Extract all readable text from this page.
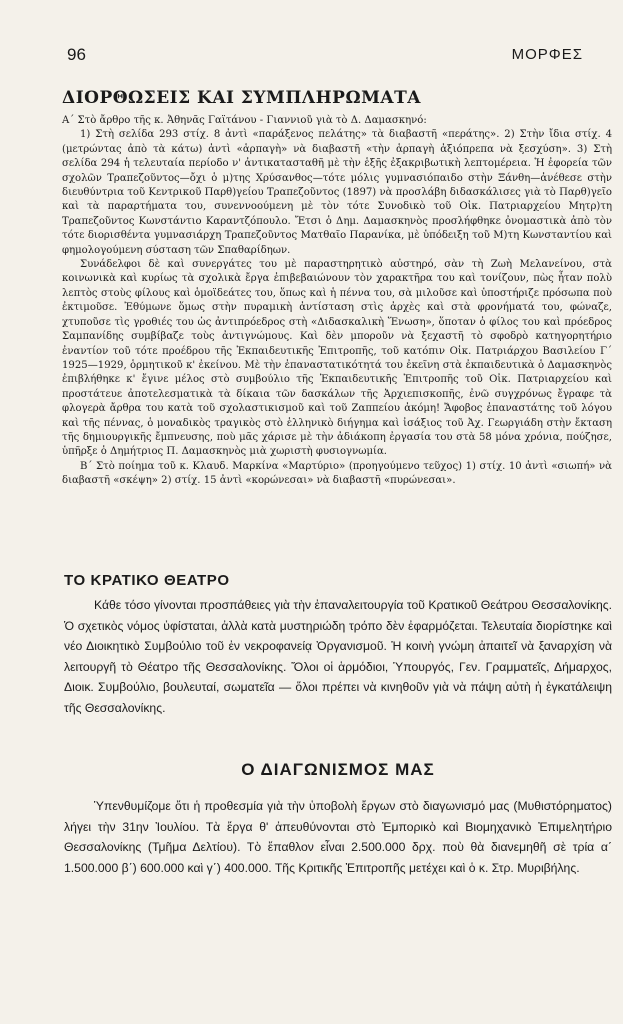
96	ΜΟΡΦΕΣ
ΔΙΟΡΘΩΣΕΙΣ ΚΑΙ ΣΥΜΠΛΗΡΩΜΑΤΑ

Α΄ Στὸ ἄρθρο τῆς κ. Ἀθηνᾶς Γαϊτάνου - Γιαννιοῦ γιὰ τὸ Δ. Δαμασκηνό:

1) Στὴ σελίδα 293 στίχ. 8 ἀντὶ «παράξενος πελάτης» τὰ διαβαστῆ «περάτης». 2) Στὴν ἴδια στίχ. 4 (μετρώντας ἀπὸ τὰ κάτω) ἀντὶ «ἁρπαγὴ» νὰ διαβαστῆ «τὴν ἁρπαγὴ ἀξιόπρεπα νὰ ξεσχύση». 3) Στὴ σελίδα 294 ἡ τελευταία περίοδο ν' ἀντικατασταθῆ μὲ τὴν ἑξῆς ἐξακριβωτικὴ λεπτομέρεια. Ἡ ἐφορεία τῶν σχολῶν Τραπεζοῦντος—ὄχι ὁ μ)της Χρύσανθος—τότε μόλις γυμνασιόπαιδο στὴν Ξάνθη—ἀνέθεσε στὴν διευθύντρια τοῦ Κεντρικοῦ Παρθ)γείου Τραπεζοῦντος (1897) νὰ προσλάβη διδασκάλισες γιὰ τὸ Παρθ)γεῖο καὶ τὰ παραρτήματα του, συνεννοούμενη μὲ τὸν τότε Συνοδικὸ τοῦ Οἰκ. Πατριαρχείου Μητρ)τη Τραπεζοῦντος Κωνστάντιο Καραντζόπουλο. Ἔτσι ὁ Δημ. Δαμασκηνὸς προσλήφθηκε ὀνομαστικὰ ἀπὸ τὸν τότε διορισθέντα γυμνασιάρχη Τραπεζοῦντος Ματθαῖο Παρανίκα, μὲ ὑπόδειξη τοῦ Μ)τη Κωνσταντίου καὶ φημολογούμενη σύσταση τῶν Σπαθαρίδηων.

Συνάδελφοι δὲ καὶ συνεργάτες του μὲ παραστηρητικὸ αὐστηρό, σὰν τὴ Ζωὴ Μελανείνου, στὰ κοινωνικὰ καὶ κυρίως τὰ σχολικὰ ἔργα ἐπιβεβαιώνουν τὸν χαρακτῆρα του καὶ τονίζουν, πὼς ἦταν πολὺ λεπτὸς στοὺς φίλους καὶ ὁμοϊδεάτες του, ὅπως καὶ ἡ πέννα του, σὰ μιλοῦσε καὶ ὑποστήριζε πρόσωπα ποὺ ἐκτιμοῦσε. Ἐθύμωνε ὅμως στὴν πυραμικὴ ἀντίσταση στὶς ἀρχὲς καὶ στὰ φρονήματά του, φώναζε, χτυποῦσε τὶς γροθιές του ὡς ἀντιπρόεδρος στὴ «Διδασκαλικὴ Ἕνωση», ὅποταν ὁ φίλος του καὶ πρόεδρος Σαμπανίδης συμβίβαζε τοὺς ἀντιγνώμους. Καὶ δὲν μποροῦν νὰ ξεχαστῆ τὸ σφοδρὸ κατηγορητήριο ἐναντίον τοῦ τότε προέδρου τῆς Ἐκπαιδευτικῆς Ἐπιτροπῆς, τοῦ κατόπιν Οἰκ. Πατριάρχου Βασιλείου Γ΄ 1925—1929, ὁρμητικοῦ κ' ἐκείνου. Μὲ τὴν ἐπαναστατικότητά του ἐκεῖνη στὰ ἐκπαιδευτικὰ ὁ Δαμασκηνὸς ἐπιβλήθηκε κ' ἔγινε μέλος στὸ συμβούλιο τῆς Ἐκπαιδευτικῆς Ἐπιτροπῆς τοῦ Οἰκ. Πατριαρχείου καὶ προστάτευε ἀποτελεσματικὰ τὰ δίκαια τῶν δασκάλων τῆς Ἀρχιεπισκοπῆς, ἐνῶ συγχρόνως ἔγραφε τὰ φλογερὰ ἄρθρα του κατὰ τοῦ σχολαστικισμοῦ καὶ τοῦ Ζαππείου ἀκόμη! Ἄφοβος ἐπαναστάτης τοῦ λόγου καὶ τῆς πέννας, ὁ μοναδικὸς τραγικὸς στὸ ἑλληνικὸ διήγημα καὶ ἰσάξιος τοῦ Ἀχ. Γεωργιάδη στὴν ἔκταση τῆς δημιουργικῆς ἔμπνευσης, ποὺ μᾶς χάρισε μὲ τὴν ἀδιάκοπη ἐργασία του στὰ 58 μόνα χρόνια, πούζησε, ὑπῆρξε ὁ Δημήτριος Π. Δαμασκηνὸς μιὰ χωριστὴ φυσιογνωμία.

Β΄ Στὸ ποίημα τοῦ κ. Κλαυδ. Μαρκίνα «Μαρτύριο» (προηγούμενο τεῦχος) 1) στίχ. 10 ἀντὶ «σιωπή» νὰ διαβαστῆ «σκέψη» 2) στίχ. 15 ἀντὶ «κορώνεσαι» νὰ διαβαστῆ «πυρώνεσαι».

ΤΟ ΚΡΑΤΙΚΟ ΘΕΑΤΡΟ

Κάθε τόσο γίνονται προσπάθειες γιὰ τὴν ἐπαναλειτουργία τοῦ Κρατικοῦ Θεάτρου Θεσσαλονίκης. Ὁ σχετικὸς νόμος ὑφίσταται, ἀλλὰ κατὰ μυστηριώδη τρόπο δὲν ἐφαρμόζεται. Τελευταία διορίστηκε καὶ νέο Διοικητικὸ Συμβούλιο τοῦ ἐν νεκροφανείᾳ Ὀργανισμοῦ. Ἡ κοινὴ γνώμη ἀπαιτεῖ νὰ ξαναρχίση νὰ λειτουργῆ τὸ Θέατρο τῆς Θεσσαλονίκης. Ὅλοι οἱ ἁρμόδιοι, Ὑπουργός, Γεν. Γραμματεῖς, Δήμαρχος, Διοικ. Συμβούλιο, βουλευταί, σωματεῖα — ὅλοι πρέπει νὰ κινηθοῦν γιὰ νὰ πάψη αὐτὴ ἡ ἐγκατάλειψη τῆς Θεσσαλονίκης.

Ο ΔΙΑΓΩΝΙΣΜΟΣ ΜΑΣ

Ὑπενθυμίζομε ὅτι ἡ προθεσμία γιὰ τὴν ὑποβολὴ ἔργων στὸ διαγωνισμό μας (Μυθιστόρηματος) λήγει τὴν 31ην Ἰουλίου. Τὰ ἔργα θ' ἀπευθύνονται στὸ Ἐμπορικὸ καὶ Βιομηχανικὸ Ἐπιμελητήριο Θεσσαλονίκης (Τμῆμα Δελτίου). Τὸ ἔπαθλον εἶναι 2.500.000 δρχ. ποὺ θὰ διανεμηθῆ σὲ τρία α΄ 1.500.000 β΄) 600.000 καὶ γ΄) 400.000. Τῆς Κριτικῆς Ἐπιτροπῆς μετέχει καὶ ὁ κ. Στρ. Μυριβήλης.
